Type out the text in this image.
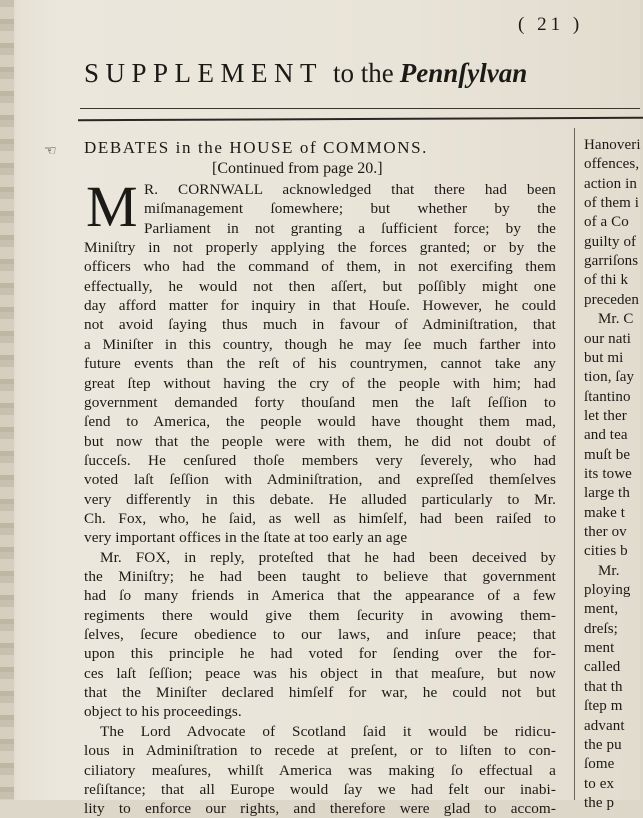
( 21 )
SUPPLEMENT to the Pennſylvan
☜ DEBATES in the HOUSE of COMMONS.
[Continued from page 20.]
M R. CORNWALL acknowledged that there had been
miſmanagement ſomewhere; but whether by the
Parliament in not granting a ſufficient force; by the
Miniſtry in not properly applying the forces granted; or by the
officers who had the command of them, in not exercifing them
effectually, he would not then aſſert, but poſſibly might one
day afford matter for inquiry in that Houſe. However, he could
not avoid ſaying thus much in favour of Adminiſtration, that
a Miniſter in this country, though he may ſee much farther into
future events than the reſt of his countrymen, cannot take any
great ſtep without having the cry of the people with him; had
government demanded forty thouſand men the laſt ſeſſion to
ſend to America, the people would have thought them mad,
but now that the people were with them, he did not doubt of
ſucceſs. He cenſured thoſe members very ſeverely, who had
voted laſt ſeſſion with Adminiſtration, and expreſſed themſelves
very differently in this debate. He alluded particularly to Mr.
Ch. Fox, who, he ſaid, as well as himſelf, had been raiſed to
very important offices in the ſtate at too early an age
Mr. FOX, in reply, proteſted that he had been deceived by
the Miniſtry; he had been taught to believe that government
had ſo many friends in America that the appearance of a few
regiments there would give them ſecurity in avowing them-
ſelves, ſecure obedience to our laws, and inſure peace; that
upon this principle he had voted for ſending over the for-
ces laſt ſeſſion; peace was his object in that meaſure, but now
that the Miniſter declared himſelf for war, he could not but
object to his proceedings.
The Lord Advocate of Scotland ſaid it would be ridicu-
lous in Adminiſtration to recede at preſent, or to liſten to con-
ciliatory meaſures, whilſt America was making ſo effectual a
reſiſtance; that all Europe would ſay we had felt our inabi-
lity to enforce our rights, and therefore were glad to accom-
Hanoveri
offences,
action in
of them i
of a Co
guilty of
garriſons
of thi k
preceden
Mr. C
our nati
but mi
tion, ſay
ſtantino
let ther
and tea
muſt be
its towe
large th
make t
ther ov
cities b
Mr.
ploying
ment,
dreſs;
ment
called
that th
ſtep m
advant
the pu
ſome
to ex
the p
